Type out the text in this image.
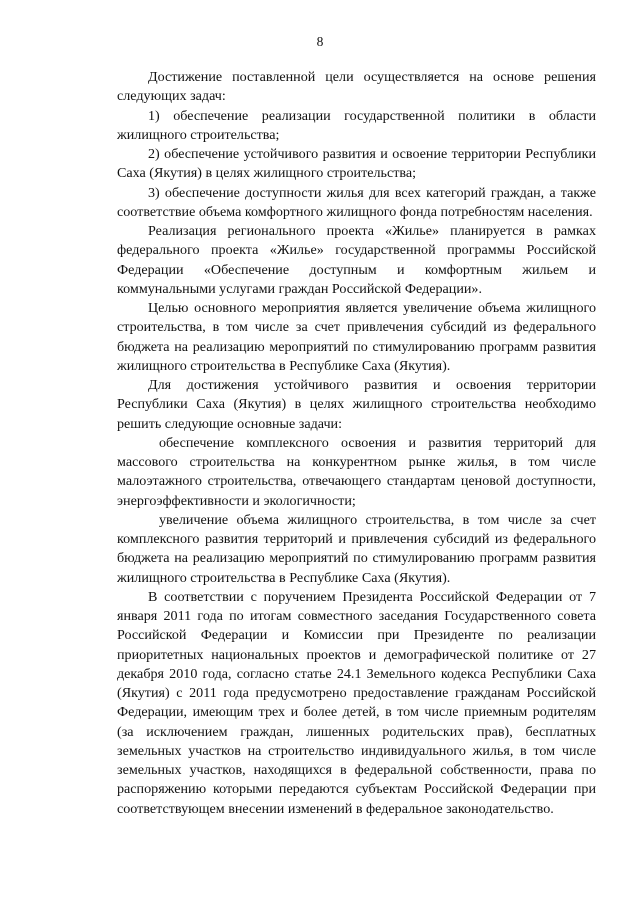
8

Достижение поставленной цели осуществляется на основе решения следующих задач:

1) обеспечение реализации государственной политики в области жилищного строительства;

2) обеспечение устойчивого развития и освоение территории Республики Саха (Якутия) в целях жилищного строительства;

3) обеспечение доступности жилья для всех категорий граждан, а также соответствие объема комфортного жилищного фонда потребностям населения.

Реализация регионального проекта «Жилье» планируется в рамках федерального проекта «Жилье» государственной программы Российской Федерации «Обеспечение доступным и комфортным жильем и коммунальными услугами граждан Российской Федерации».

Целью основного мероприятия является увеличение объема жилищного строительства, в том числе за счет привлечения субсидий из федерального бюджета на реализацию мероприятий по стимулированию программ развития жилищного строительства в Республике Саха (Якутия).

Для достижения устойчивого развития и освоения территории Республики Саха (Якутия) в целях жилищного строительства необходимо решить следующие основные задачи:

обеспечение комплексного освоения и развития территорий для массового строительства на конкурентном рынке жилья, в том числе малоэтажного строительства, отвечающего стандартам ценовой доступности, энергоэффективности и экологичности;

увеличение объема жилищного строительства, в том числе за счет комплексного развития территорий и привлечения субсидий из федерального бюджета на реализацию мероприятий по стимулированию программ развития жилищного строительства в Республике Саха (Якутия).

В соответствии с поручением Президента Российской Федерации от 7 января 2011 года по итогам совместного заседания Государственного совета Российской Федерации и Комиссии при Президенте по реализации приоритетных национальных проектов и демографической политике от 27 декабря 2010 года, согласно статье 24.1 Земельного кодекса Республики Саха (Якутия) с 2011 года предусмотрено предоставление гражданам Российской Федерации, имеющим трех и более детей, в том числе приемным родителям (за исключением граждан, лишенных родительских прав), бесплатных земельных участков на строительство индивидуального жилья, в том числе земельных участков, находящихся в федеральной собственности, права по распоряжению которыми передаются субъектам Российской Федерации при соответствующем внесении изменений в федеральное законодательство.
